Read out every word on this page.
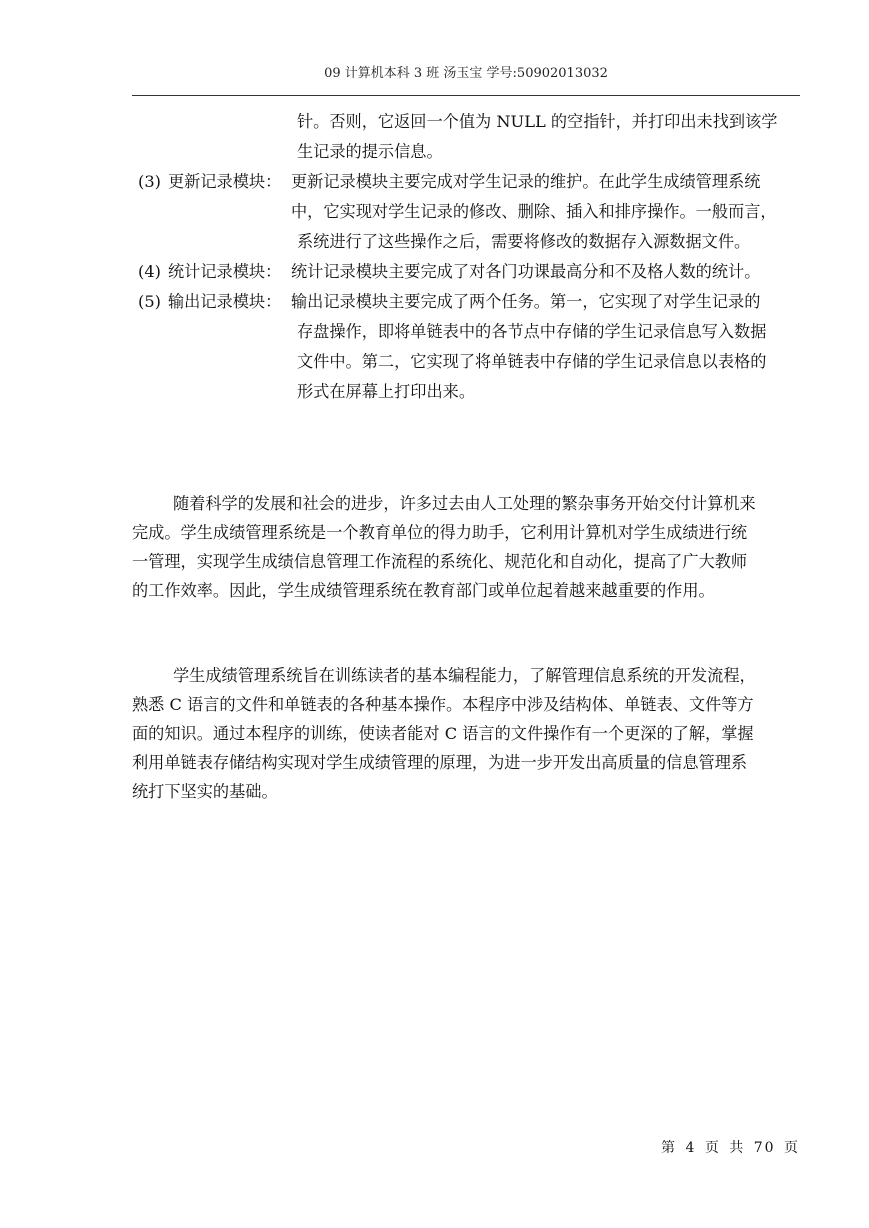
09 计算机本科 3 班 汤玉宝 学号:50902013032
针。否则，它返回一个值为 NULL 的空指针，并打印出未找到该学
生记录的提示信息。
(3) 更新记录模块： 更新记录模块主要完成对学生记录的维护。在此学生成绩管理系统
中，它实现对学生记录的修改、删除、插入和排序操作。一般而言，
系统进行了这些操作之后，需要将修改的数据存入源数据文件。
(4) 统计记录模块： 统计记录模块主要完成了对各门功课最高分和不及格人数的统计。
(5) 输出记录模块： 输出记录模块主要完成了两个任务。第一，它实现了对学生记录的
存盘操作，即将单链表中的各节点中存储的学生记录信息写入数据
文件中。第二，它实现了将单链表中存储的学生记录信息以表格的
形式在屏幕上打印出来。
随着科学的发展和社会的进步，许多过去由人工处理的繁杂事务开始交付计算机来
完成。学生成绩管理系统是一个教育单位的得力助手，它利用计算机对学生成绩进行统
一管理，实现学生成绩信息管理工作流程的系统化、规范化和自动化，提高了广大教师
的工作效率。因此，学生成绩管理系统在教育部门或单位起着越来越重要的作用。
学生成绩管理系统旨在训练读者的基本编程能力，了解管理信息系统的开发流程，
熟悉 C 语言的文件和单链表的各种基本操作。本程序中涉及结构体、单链表、文件等方
面的知识。通过本程序的训练，使读者能对 C 语言的文件操作有一个更深的了解，掌握
利用单链表存储结构实现对学生成绩管理的原理，为进一步开发出高质量的信息管理系
统打下坚实的基础。
第 4 页 共 70 页
